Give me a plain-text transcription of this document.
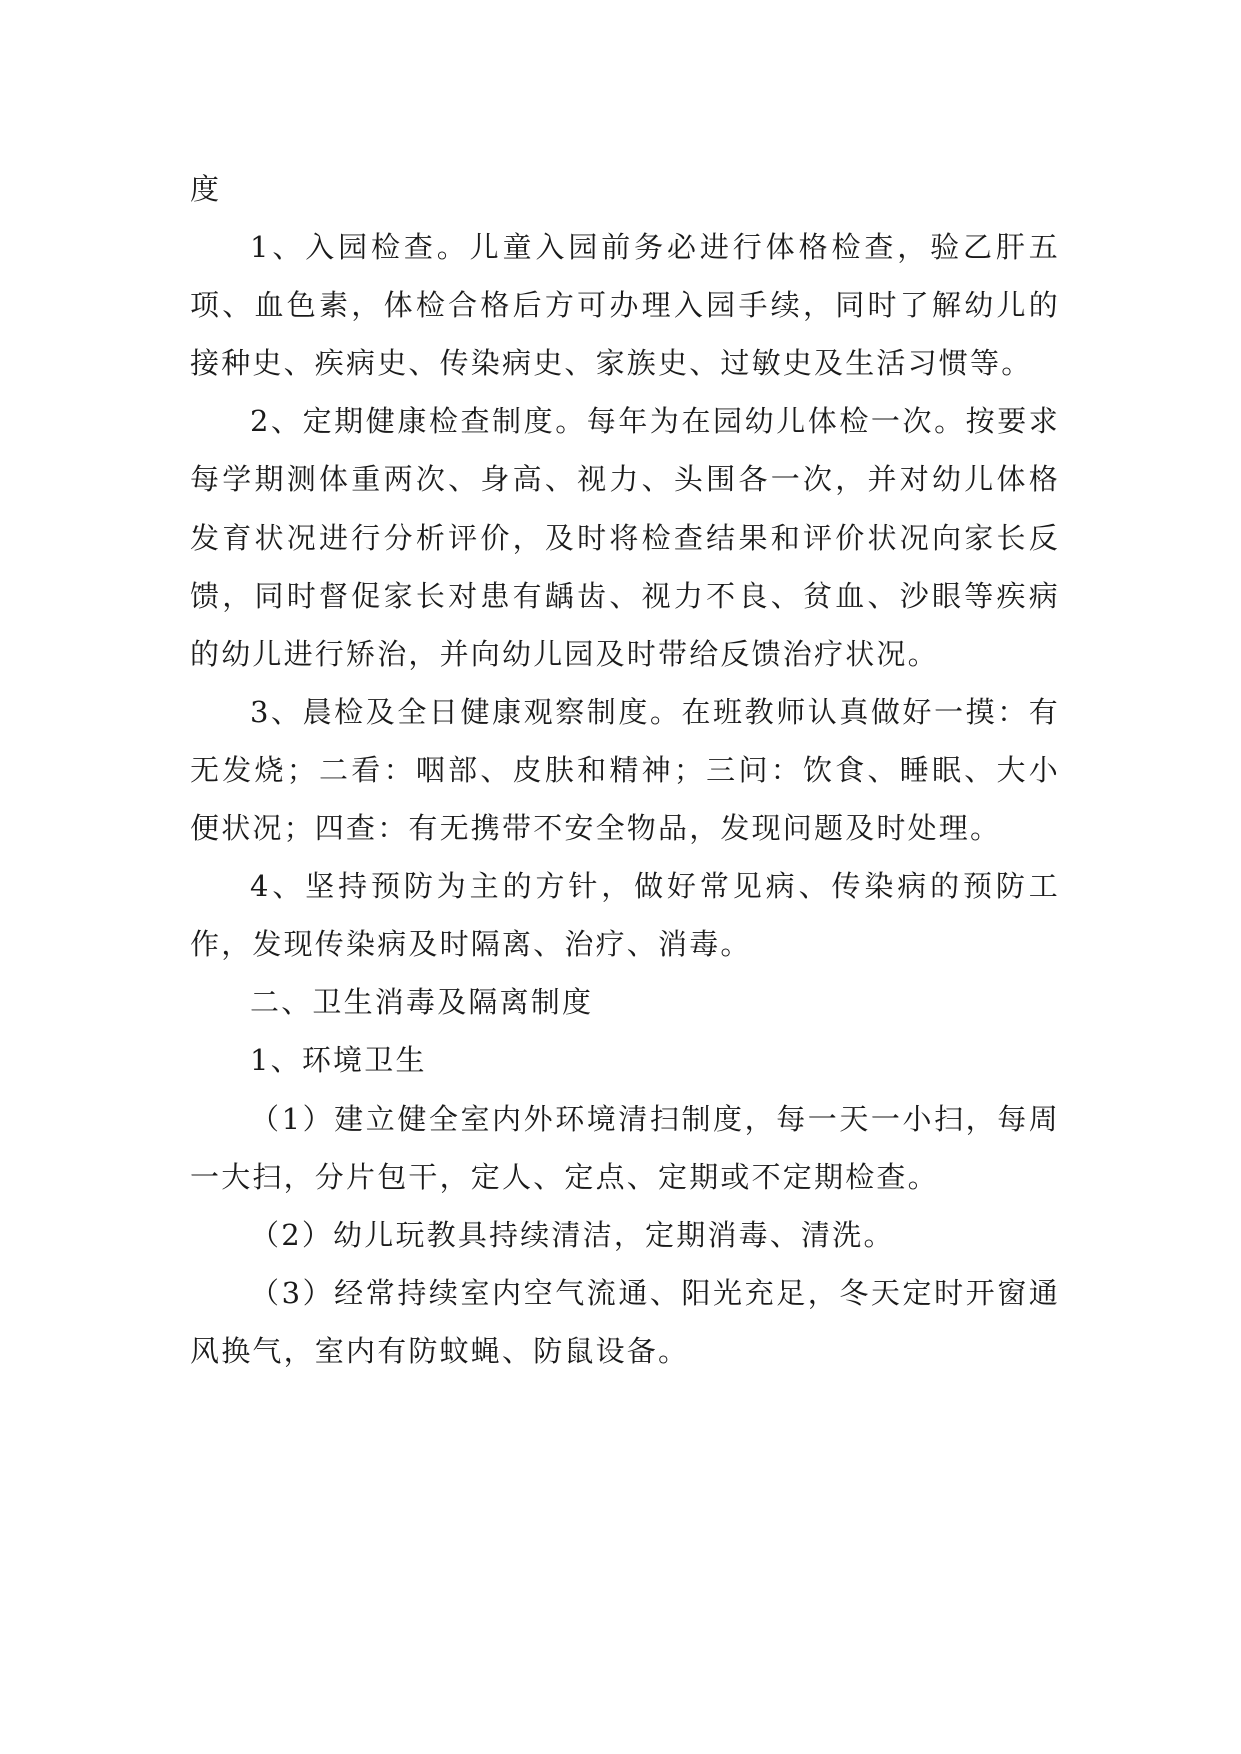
度

1、入园检查。儿童入园前务必进行体格检查，验乙肝五项、血色素，体检合格后方可办理入园手续，同时了解幼儿的接种史、疾病史、传染病史、家族史、过敏史及生活习惯等。

2、定期健康检查制度。每年为在园幼儿体检一次。按要求每学期测体重两次、身高、视力、头围各一次，并对幼儿体格发育状况进行分析评价，及时将检查结果和评价状况向家长反馈，同时督促家长对患有龋齿、视力不良、贫血、沙眼等疾病的幼儿进行矫治，并向幼儿园及时带给反馈治疗状况。

3、晨检及全日健康观察制度。在班教师认真做好一摸：有无发烧；二看：咽部、皮肤和精神；三问：饮食、睡眠、大小便状况；四查：有无携带不安全物品，发现问题及时处理。

4、坚持预防为主的方针，做好常见病、传染病的预防工作，发现传染病及时隔离、治疗、消毒。

二、卫生消毒及隔离制度

1、环境卫生

（1）建立健全室内外环境清扫制度，每一天一小扫，每周一大扫，分片包干，定人、定点、定期或不定期检查。

（2）幼儿玩教具持续清洁，定期消毒、清洗。

（3）经常持续室内空气流通、阳光充足，冬天定时开窗通风换气，室内有防蚊蝇、防鼠设备。
